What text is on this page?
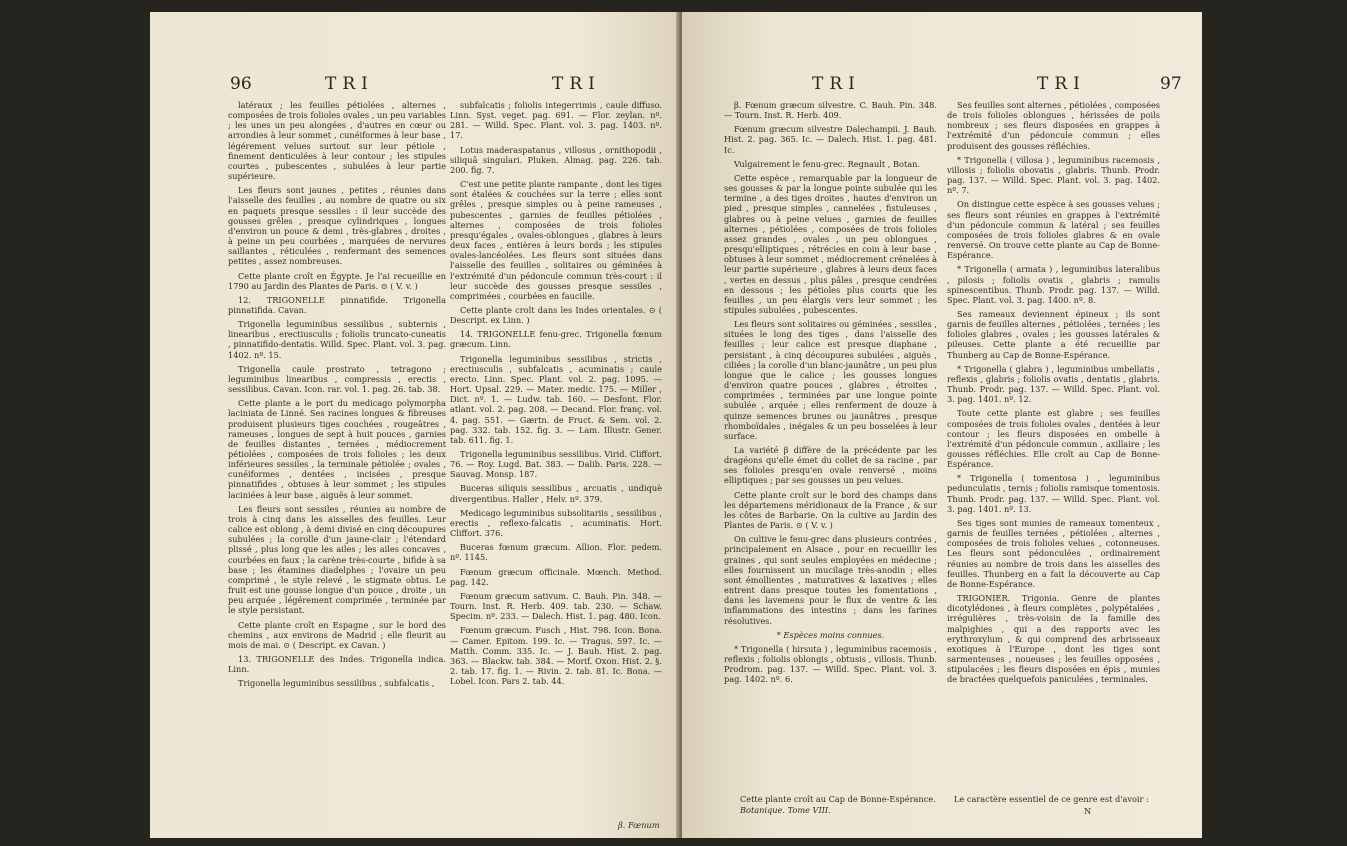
96	TRI	TRI

latéraux ; les feuilles pétiolées , alternes , composées de trois folioles ovales , un peu variables ; les unes un peu alongées , d'autres en cœur ou arrondies à leur sommet , cunéiformes à leur base , légérement velues surtout sur leur pétiole , finement denticulées à leur contour ; les stipules courtes , pubescentes , subulées à leur partie supérieure.

Les fleurs sont jaunes , petites , réunies dans l'aisselle des feuilles , au nombre de quatre ou six en paquets presque sessiles : il leur succède des gousses grêles , presque cylindriques , longues d'environ un pouce & demi , très-glabres , droites , à peine un peu courbées , marquées de nervures saillantes , réticulées , renfermant des semences petites , assez nombreuses.

Cette plante croît en Égypte. Je l'ai recueillie en 1790 au Jardin des Plantes de Paris. ⊙ ( V. v. )

12. TRIGONELLE pinnatifide. Trigonella pinnatifida. Cavan.

Trigonella leguminibus sessilibus , subternis , linearibus , erectiusculis ; foliolis truncato-cuneatis , pinnatifido-dentatis. Willd. Spec. Plant. vol. 3. pag. 1402. nº. 15.

Trigonella caule prostrato , tetragono ; leguminibus linearibus , compressis , erectis , sessilibus. Cavan. Icon. rar. vol. 1. pag. 26. tab. 38.

Cette plante a le port du medicago polymorpha laciniata de Linné. Ses racines longues & fibreuses produisent plusieurs tiges couchées , rougeâtres , rameuses , longues de sept à huit pouces , garnies de feuilles distantes , ternées , médiocrement pétiolées , composées de trois folioles ; les deux inférieures sessiles , la terminale pétiolée ; ovales , cunéiformes , dentées , incisées , presque pinnatifides , obtuses à leur sommet ; les stipules laciniées à leur base , aiguës à leur sommet.

Les fleurs sont sessiles , réunies au nombre de trois à cinq dans les aisselles des feuilles. Leur calice est oblong , à demi divisé en cinq découpures subulées ; la corolle d'un jaune-clair ; l'étendard plissé , plus long que les ailes ; les ailes concaves , courbées en faux ; la carène très-courte , bifide à sa base ; les étamines diadelphes ; l'ovaire un peu comprimé , le style relevé , le stigmate obtus. Le fruit est une gousse longue d'un pouce , droite , un peu arquée , légérement comprimée , terminée par le style persistant.

Cette plante croît en Espagne , sur le bord des chemins , aux environs de Madrid ; elle fleurit au mois de mai. ⊙ ( Descript. ex Cavan. )

13. TRIGONELLE des Indes. Trigonella indica. Linn.

Trigonella leguminibus sessilibus , subfalcatis ,

subfalcatis ; foliolis integerrimis , caule diffuso. Linn. Syst. veget. pag. 691. — Flor. zeylan. nº. 281. — Willd. Spec. Plant. vol. 3. pag. 1403. nº. 17.

Lotus maderaspatanus , villosus , ornithopodii , siliquâ singulari. Pluken. Almag. pag. 226. tab. 200. fig. 7.

C'est une petite plante rampante , dont les tiges sont étalées & couchées sur la terre ; elles sont grêles , presque simples ou à peine rameuses , pubescentes , garnies de feuilles pétiolées , alternes , composées de trois folioles presqu'égales , ovales-oblongues , glabres à leurs deux faces , entières à leurs bords ; les stipules ovales-lancéolées. Les fleurs sont situées dans l'aisselle des feuilles , solitaires ou géminées à l'extrémité d'un pédoncule commun très-court : il leur succède des gousses presque sessiles , comprimées , courbées en faucille.

Cette plante croît dans les Indes orientales. ⊙ ( Descript. ex Linn. )

14. TRIGONELLE fenu-grec. Trigonella fœnum græcum. Linn.

Trigonella leguminibus sessilibus , strictis , erectiusculis , subfalcatis , acuminatis ; caule erecto. Linn. Spec. Plant. vol. 2. pag. 1095. — Hort. Upsal. 229. — Mater. medic. 175. — Miller , Dict. nº. 1. — Ludw. tab. 160. — Desfont. Flor. atlant. vol. 2. pag. 208. — Decand. Flor. franç. vol. 4. pag. 551. — Gærtn. de Fruct. & Sem. vol. 2. pag. 332. tab. 152. fig. 3. — Lam. Illustr. Gener. tab. 611. fig. 1.

Trigonella leguminibus sessilibus. Virid. Cliffort. 76. — Roy. Lugd. Bat. 383. — Dalib. Paris. 228. — Sauvag. Monsp. 187.

Buceras siliquis sessilibus , arcuatis , undiquè divergentibus. Haller , Helv. nº. 379.

Medicago leguminibus subsolitariis , sessilibus , erectis , reflexo-falcatis , acuminatis. Hort. Cliffort. 376.

Buceras fœnum græcum. Allion. Flor. pedem. nº. 1145.

Fœnum græcum officinale. Mœnch. Method. pag. 142.

Fœnum græcum sativum. C. Bauh. Pin. 348. — Tourn. Inst. R. Herb. 409. tab. 230. — Schaw. Specim. nº. 233. — Dalech. Hist. 1. pag. 480. Icon.

Fœnum græcum. Fusch , Hist. 798. Icon. Bona. — Camer. Epitom. 199. Ic. — Tragus. 597. Ic. — Matth. Comm. 335. Ic. — J. Bauh. Hist. 2. pag. 363. — Blackw. tab. 384. — Morif. Oxon. Hist. 2. §. 2. tab. 17. fig. 1. — Rivin. 2. tab. 81. Ic. Bona. — Lobel. Icon. Pars 2. tab. 44.

β. Fœnum
TRI	TRI	97

β. Fœnum græcum silvestre. C. Bauh. Pin. 348. — Tourn. Inst. R. Herb. 409.

Fœnum græcum silvestre Dalechampii. J. Bauh. Hist. 2. pag. 365. Ic. — Dalech. Hist. 1. pag. 481. Ic.

Vulgairement le fenu-grec. Regnault , Botan.

Cette espèce , remarquable par la longueur de ses gousses & par la longue pointe subulée qui les termine , a des tiges droites , hautes d'environ un pied , presque simples , cannelées , fistuleuses , glabres ou à peine velues , garnies de feuilles alternes , pétiolées , composées de trois folioles assez grandes , ovales , un peu oblongues , presqu'elliptiques , rétrécies en coin à leur base , obtuses à leur sommet , médiocrement crénelées à leur partie supérieure , glabres à leurs deux faces , vertes en dessus , plus pâles , presque cendrées en dessous ; les pétioles plus courts que les feuilles , un peu élargis vers leur sommet ; les stipules subulées , pubescentes.

Les fleurs sont solitaires ou géminées , sessiles , situées le long des tiges , dans l'aisselle des feuilles ; leur calice est presque diaphane , persistant , à cinq découpures subulées , aiguës , ciliées ; la corolle d'un blanc-jaunâtre , un peu plus longue que le calice ; les gousses longues d'environ quatre pouces , glabres , étroites , comprimées , terminées par une longue pointe subulée , arquée ; elles renferment de douze à quinze semences brunes ou jaunâtres , presque rhomboïdales , inégales & un peu bosselées à leur surface.

La variété β diffère de la précédente par les dragéons qu'elle émet du collet de sa racine , par ses folioles presqu'en ovale renversé , moins elliptiques ; par ses gousses un peu velues.

Cette plante croît sur le bord des champs dans les départemens méridionaux de la France , & sur les côtes de Barbarie. On la cultive au Jardin des Plantes de Paris. ⊙ ( V. v. )

On cultive le fenu-grec dans plusieurs contrées , principalement en Alsace , pour en recueillir les graines , qui sont seules employées en médecine ; elles fournissent un mucilage très-anodin ; elles sont émollientes , maturatives & laxatives ; elles entrent dans presque toutes les fomentations , dans les lavemens pour le flux de ventre & les inflammations des intestins ; dans les farines résolutives.

* Espèces moins connues.

* Trigonella ( hirsuta ) , leguminibus racemosis , reflexis ; foliolis oblongis , obtusis , villosis. Thunb. Prodrom. pag. 137. — Willd. Spec. Plant. vol. 3. pag. 1402. nº. 6.

Ses feuilles sont alternes , pétiolées , composées de trois folioles oblongues , hérissées de poils nombreux ; ses fleurs disposées en grappes à l'extrémité d'un pédoncule commun ; elles produisent des gousses réfléchies.

* Trigonella ( villosa ) , leguminibus racemosis , villosis ; foliolis obovatis , glabris. Thunb. Prodr. pag. 137. — Willd. Spec. Plant. vol. 3. pag. 1402. nº. 7.

On distingue cette espèce à ses gousses velues ; ses fleurs sont réunies en grappes à l'extrémité d'un pédoncule commun & latéral ; ses feuilles composées de trois folioles glabres & en ovale renversé. On trouve cette plante au Cap de Bonne-Espérance.

* Trigonella ( armata ) , leguminibus lateralibus , pilosis ; foliolis ovatis , glabris ; ramulis spinescentibus. Thunb. Prodr. pag. 137. — Willd. Spec. Plant. vol. 3. pag. 1400. nº. 8.

Ses rameaux deviennent épineux ; ils sont garnis de feuilles alternes , pétiolées , ternées ; les folioles glabres , ovales ; les gousses latérales & pileuses. Cette plante a été recueillie par Thunberg au Cap de Bonne-Espérance.

* Trigonella ( glabra ) , leguminibus umbellatis , reflexis , glabris ; foliolis ovatis , dentatis , glabris. Thunb. Prodr. pag. 137. — Willd. Spec. Plant. vol. 3. pag. 1401. nº. 12.

Toute cette plante est glabre ; ses feuilles composées de trois folioles ovales , dentées à leur contour ; les fleurs disposées en ombelle à l'extrémité d'un pédoncule commun , axillaire ; les gousses réfléchies. Elle croît au Cap de Bonne-Espérance.

* Trigonella ( tomentosa ) , leguminibus pedunculatis , ternis ; foliolis ramisque tomentosis. Thunb. Prodr. pag. 137. — Willd. Spec. Plant. vol. 3. pag. 1401. nº. 13.

Ses tiges sont munies de rameaux tomenteux , garnis de feuilles ternées , pétiolées , alternes , composées de trois folioles velues , cotonneuses. Les fleurs sont pédonculées , ordinairement réunies au nombre de trois dans les aisselles des feuilles. Thunberg en a fait la découverte au Cap de Bonne-Espérance.

TRIGONIER. Trigonia. Genre de plantes dicotylédones , à fleurs complètes , polypétalées , irrégulières , très-voisin de la famille des malpighies , qui a des rapports avec les erythroxylum , & qui comprend des arbrisseaux exotiques à l'Europe , dont les tiges sont sarmenteuses , noueuses ; les feuilles opposées , stipulacées ; les fleurs disposées en épis , munies de bractées quelquefois paniculées , terminales.

Cette plante croît au Cap de Bonne-Espérance.
Botanique. Tome VIII.
Le caractère essentiel de ce genre est d'avoir :
N
